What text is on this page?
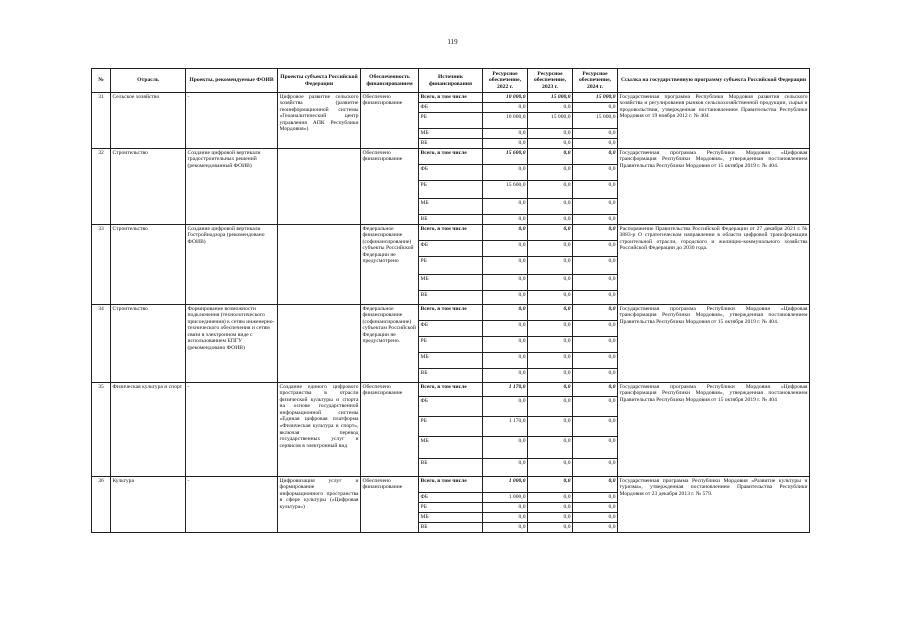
119
№	Отрасль	Проекты, рекомендуемые ФОИВ	Проекты субъекта Российской Федерации	Обеспеченность финансированием	Источник финансирования	Ресурсное обеспечение, 2022 г.	Ресурсное обеспечение, 2023 г.	Ресурсное обеспечение, 2024 г.	Ссылка на государственную программу субъекта Российской Федерации
31	Сельское хозяйство	-	Цифровое развитие сельского хозяйства (развитие геоинформационной системы «Геоаналитический центр управления АПК Республики Мордовия»)	Обеспечено финансирование	Всего, в том числе	10 000,0	15 000,0	15 000,0	Государственная программа Республики Мордовия развития сельского хозяйства и регулирования рынков сельскохозяйственной продукции, сырья и продовольствия, утвержденная постановлением Правительства Республики Мордовия от 19 ноября 2012 г. № 404
					ФБ	0,0	0,0	0,0	
					РБ	10 000,0	15 000,0	15 000,0	
					МБ	0,0	0,0	0,0	
					ВБ	0,0	0,0	0,0	
32	Строительство	Создание цифровой вертикали градостроительных решений (рекомендованный ФОИВ)		Обеспечено финансирование	Всего, в том числе	15 600,0	0,0	0,0	Государственная программа Республики Мордовия «Цифровая трансформация Республики Мордовия», утвержденная постановлением Правительства Республики Мордовия от 15 октября 2019 г. № 404.
					ФБ	0,0	0,0	0,0	
					РБ	15 600,0	0,0	0,0	
					МБ	0,0	0,0	0,0	
					ВБ	0,0	0,0	0,0	
33	Строительство	Создание цифровой вертикали Гостройнадзора (рекомендовано ФОИВ)		Федеральное финансирование (софинансирование) субъекты Российской Федерации не предусмотрено	Всего, в том числе	0,0	0,0	0,0	Распоряжение Правительства Российской Федерации от 27 декабря 2021 г. № 3883-р О стратегическом направлении в области цифровой трансформации строительной отрасли, городского и жилищно-коммунального хозяйства Российской Федерации до 2030 года.
					ФБ	0,0	0,0	0,0	
					РБ	0,0	0,0	0,0	
					МБ	0,0	0,0	0,0	
					ВБ	0,0	0,0	0,0	
34	Строительство	Формирование возможности подключения (технологического присоединения) к сетям инженерно-технического обеспечения и сетям связи в электронном виде с использованием ЕПГУ (рекомендовано ФОИВ)		Федеральное финансирование (софинансирование) субъектам Российской Федерации не предусмотрено.	Всего, в том числе	0,0	0,0	0,0	Государственная программа Республики Мордовия «Цифровая трансформация Республики Мордовия», утвержденная постановлением Правительства Республики Мордовия от 15 октября 2019 г. № 404.
					ФБ	0,0	0,0	0,0	
					РБ	0,0	0,0	0,0	
					МБ	0,0	0,0	0,0	
					ВБ	0,0	0,0	0,0	
35	Физическая культура и спорт	-	Создание единого цифрового пространства в отрасли физической культуры и спорта на основе государственной информационной системы «Единая цифровая платформа «Физическая культура и спорт», включая перевод государственных услуг и сервисов в электронный вид	Обеспечено финансирование	Всего, в том числе	1 170,0	0,0	0,0	Государственная программа Республики Мордовия «Цифровая трансформация Республики Мордовия», утвержденная постановлением Правительства Республики Мордовия от 15 октября 2019 г. № 404
					ФБ	0,0	0,0	0,0	
					РБ	1 170,0	0,0	0,0	
					МБ	0,0	0,0	0,0	
					ВБ	0,0	0,0	0,0	
36	Культура	-	Цифровизация услуг и формирование информационного пространства в сфере культуры («Цифровая культура»)	Обеспечено финансирование	Всего, в том числе	1 000,0	0,0	0,0	Государственная программа Республики Мордовия «Развитие культуры и туризма», утвержденная постановлением Правительства Республики Мордовия от 23 декабря 2013 г. № 579.
					ФБ	1 000,0	0,0	0,0	
					РБ	0,0	0,0	0,0	
					МБ	0,0	0,0	0,0	
					ВБ	0,0	0,0	0,0	
